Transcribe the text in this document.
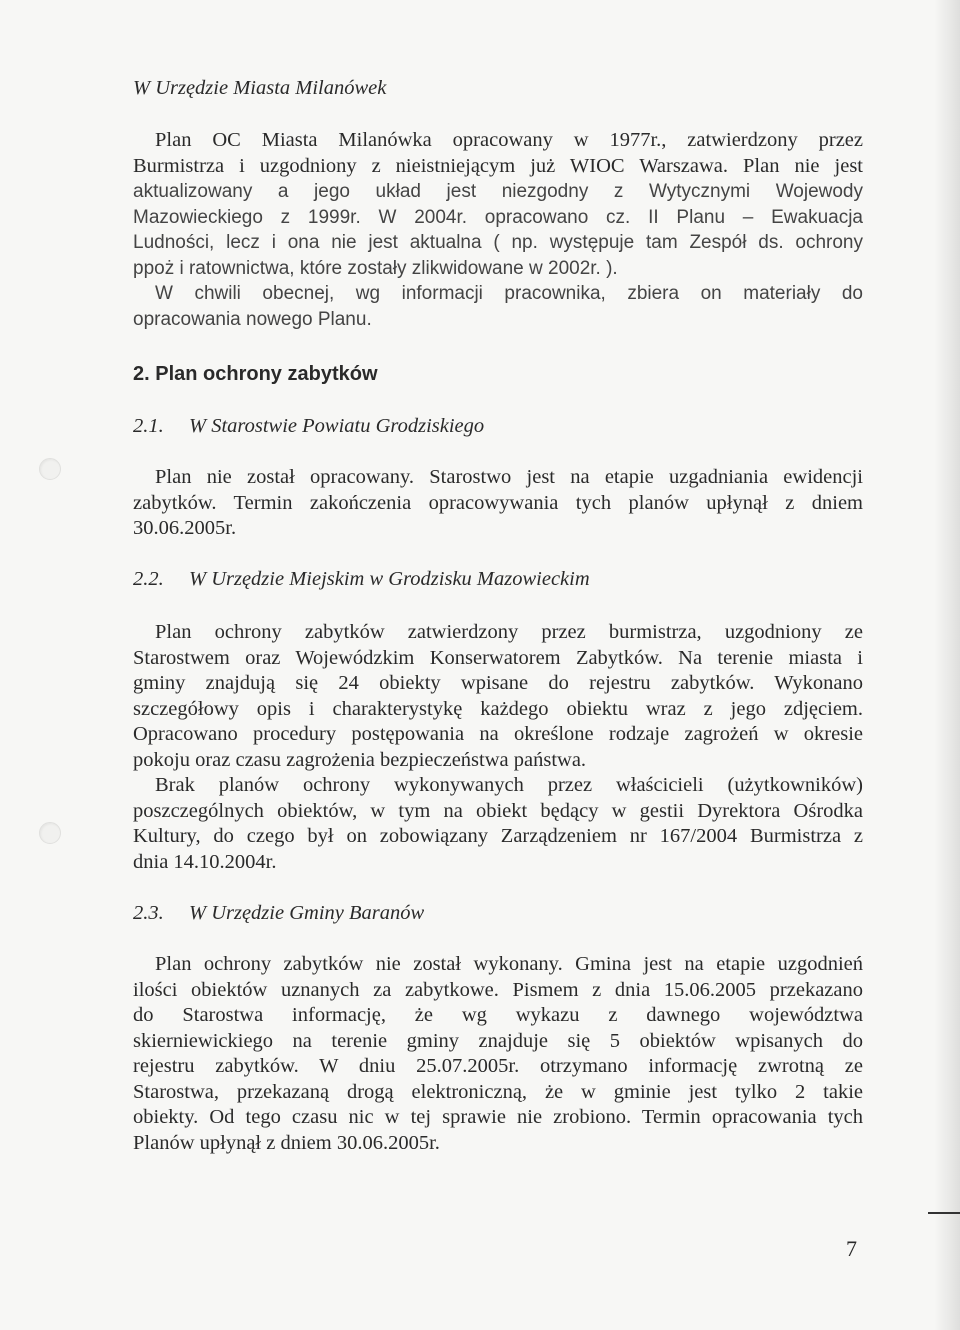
W Urzędzie Miasta Milanówek
Plan OC Miasta Milanówka opracowany w 1977r., zatwierdzony przez
Burmistrza i uzgodniony z nieistniejącym już WIOC Warszawa. Plan nie jest
aktualizowany a jego układ jest niezgodny z Wytycznymi Wojewody
Mazowieckiego z 1999r. W 2004r. opracowano cz. II Planu – Ewakuacja
Ludności, lecz i ona nie jest aktualna ( np. występuje tam Zespół ds. ochrony
ppoż i ratownictwa, które zostały zlikwidowane w 2002r. ).
W chwili obecnej, wg informacji pracownika, zbiera on materiały do
opracowania nowego Planu.
2. Plan ochrony zabytków
2.1. W Starostwie Powiatu Grodziskiego
Plan nie został opracowany. Starostwo jest na etapie uzgadniania ewidencji
zabytków. Termin zakończenia opracowywania tych planów upłynął z dniem
30.06.2005r.
2.2. W Urzędzie Miejskim w Grodzisku Mazowieckim
Plan ochrony zabytków zatwierdzony przez burmistrza, uzgodniony ze
Starostwem oraz Wojewódzkim Konserwatorem Zabytków. Na terenie miasta i
gminy znajdują się 24 obiekty wpisane do rejestru zabytków. Wykonano
szczegółowy opis i charakterystykę każdego obiektu wraz z jego zdjęciem.
Opracowano procedury postępowania na określone rodzaje zagrożeń w okresie
pokoju oraz czasu zagrożenia bezpieczeństwa państwa.
Brak planów ochrony wykonywanych przez właścicieli (użytkowników)
poszczególnych obiektów, w tym na obiekt będący w gestii Dyrektora Ośrodka
Kultury, do czego był on zobowiązany Zarządzeniem nr 167/2004 Burmistrza z
dnia 14.10.2004r.
2.3. W Urzędzie Gminy Baranów
Plan ochrony zabytków nie został wykonany. Gmina jest na etapie uzgodnień
ilości obiektów uznanych za zabytkowe. Pismem z dnia 15.06.2005 przekazano
do Starostwa informację, że wg wykazu z dawnego województwa
skierniewickiego na terenie gminy znajduje się 5 obiektów wpisanych do
rejestru zabytków. W dniu 25.07.2005r. otrzymano informację zwrotną ze
Starostwa, przekazaną drogą elektroniczną, że w gminie jest tylko 2 takie
obiekty. Od tego czasu nic w tej sprawie nie zrobiono. Termin opracowania tych
Planów upłynął z dniem 30.06.2005r.
7
